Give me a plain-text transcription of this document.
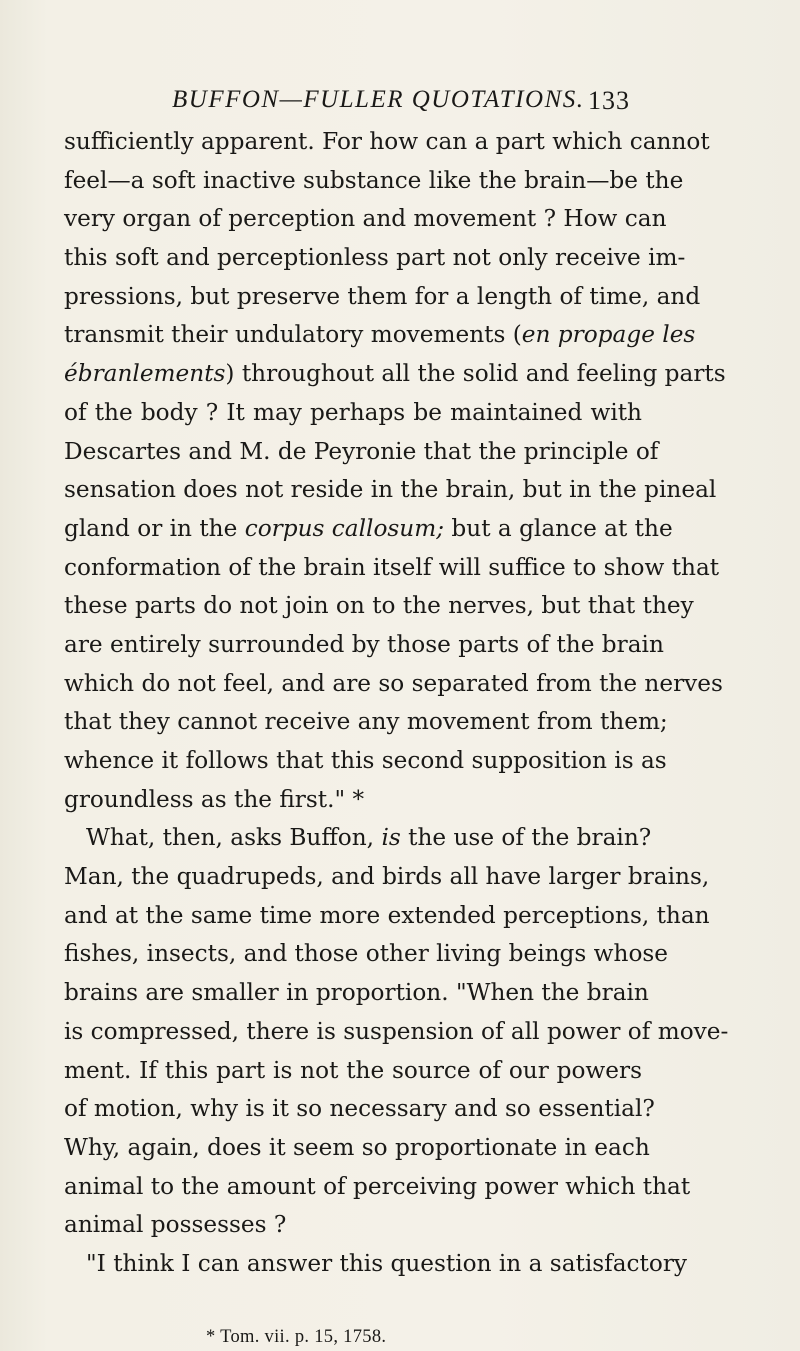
BUFFON—FULLER QUOTATIONS. 133
sufficiently apparent. For how can a part which cannot
feel—a soft inactive substance like the brain—be the
very organ of perception and movement ? How can
this soft and perceptionless part not only receive im-
pressions, but preserve them for a length of time, and
transmit their undulatory movements (en propage les
ébranlements) throughout all the solid and feeling parts
of the body ? It may perhaps be maintained with
Descartes and M. de Peyronie that the principle of
sensation does not reside in the brain, but in the pineal
gland or in the corpus callosum; but a glance at the
conformation of the brain itself will suffice to show that
these parts do not join on to the nerves, but that they
are entirely surrounded by those parts of the brain
which do not feel, and are so separated from the nerves
that they cannot receive any movement from them;
whence it follows that this second supposition is as
groundless as the first." *
What, then, asks Buffon, is the use of the brain?
Man, the quadrupeds, and birds all have larger brains,
and at the same time more extended perceptions, than
fishes, insects, and those other living beings whose
brains are smaller in proportion. "When the brain
is compressed, there is suspension of all power of move-
ment. If this part is not the source of our powers
of motion, why is it so necessary and so essential?
Why, again, does it seem so proportionate in each
animal to the amount of perceiving power which that
animal possesses ?
"I think I can answer this question in a satisfactory
* Tom. vii. p. 15, 1758.
